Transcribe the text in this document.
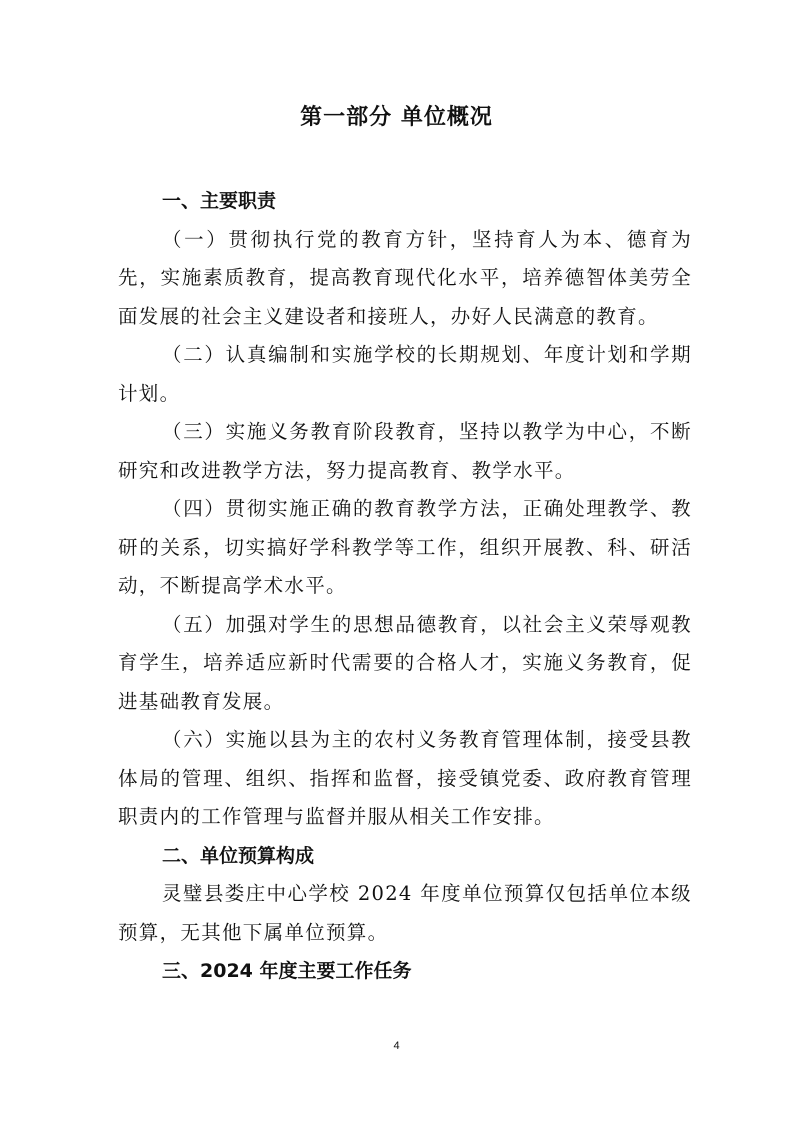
第一部分 单位概况

一、主要职责

（一）贯彻执行党的教育方针，坚持育人为本、德育为先，实施素质教育，提高教育现代化水平，培养德智体美劳全面发展的社会主义建设者和接班人，办好人民满意的教育。

（二）认真编制和实施学校的长期规划、年度计划和学期计划。

（三）实施义务教育阶段教育，坚持以教学为中心，不断研究和改进教学方法，努力提高教育、教学水平。

（四）贯彻实施正确的教育教学方法，正确处理教学、教研的关系，切实搞好学科教学等工作，组织开展教、科、研活动，不断提高学术水平。

（五）加强对学生的思想品德教育，以社会主义荣辱观教育学生，培养适应新时代需要的合格人才，实施义务教育，促进基础教育发展。

（六）实施以县为主的农村义务教育管理体制，接受县教体局的管理、组织、指挥和监督，接受镇党委、政府教育管理职责内的工作管理与监督并服从相关工作安排。

二、单位预算构成

灵璧县娄庄中心学校 2024 年度单位预算仅包括单位本级预算，无其他下属单位预算。

三、2024 年度主要工作任务

4
